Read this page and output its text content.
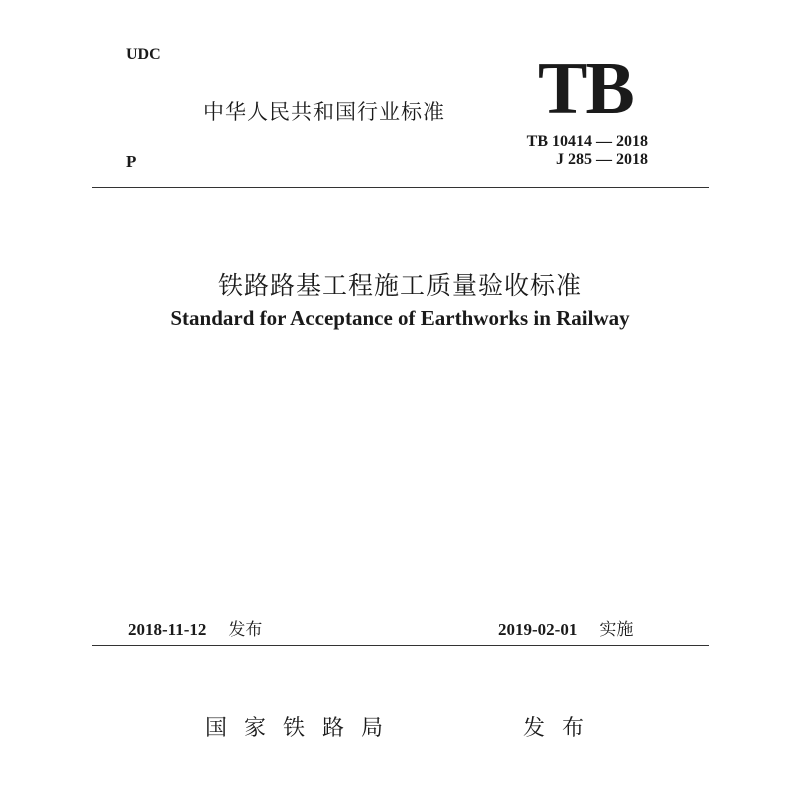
UDC
中华人民共和国行业标准 TB
TB 10414 — 2018
J 285 — 2018
P
铁路路基工程施工质量验收标准
Standard for Acceptance of Earthworks in Railway
2018-11-12 发布	2019-02-01 实施
国家铁路局	发布
